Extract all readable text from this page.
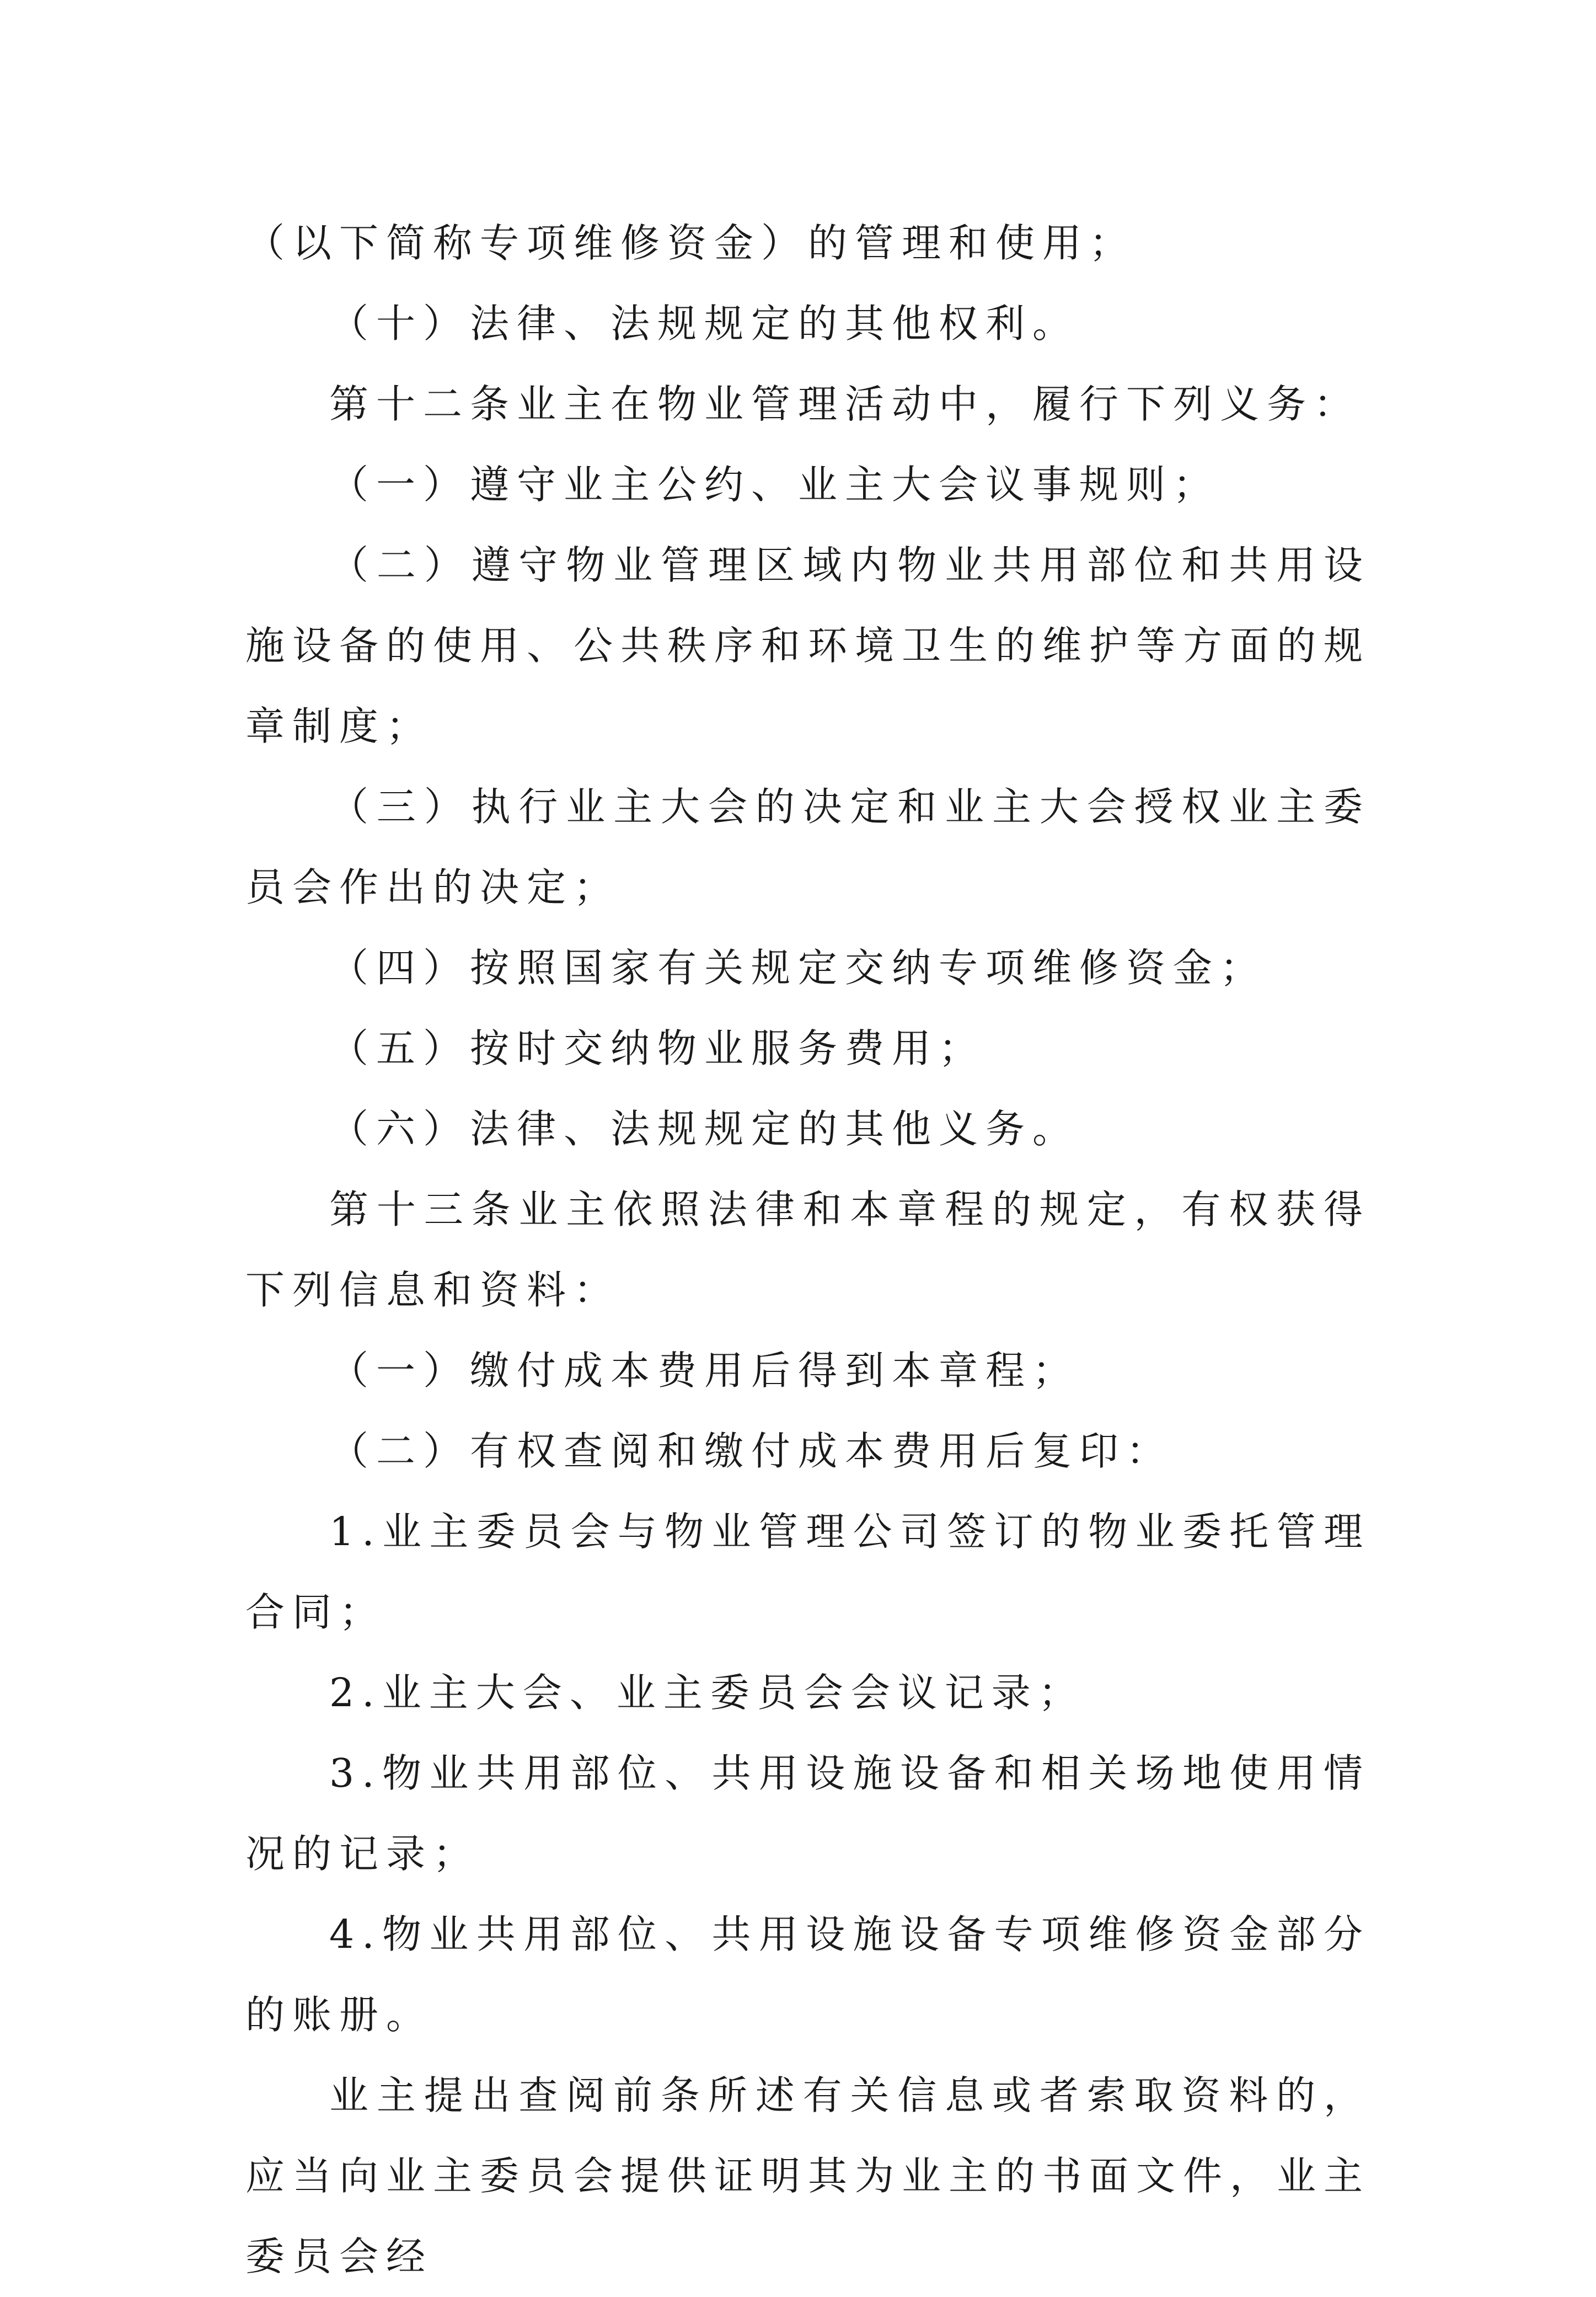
（以下简称专项维修资金）的管理和使用；

（十）法律、法规规定的其他权利。

第十二条业主在物业管理活动中，履行下列义务：

（一）遵守业主公约、业主大会议事规则；

（二）遵守物业管理区域内物业共用部位和共用设施设备的使用、公共秩序和环境卫生的维护等方面的规章制度；

（三）执行业主大会的决定和业主大会授权业主委员会作出的决定；

（四）按照国家有关规定交纳专项维修资金；

（五）按时交纳物业服务费用；

（六）法律、法规规定的其他义务。

第十三条业主依照法律和本章程的规定，有权获得下列信息和资料：

（一）缴付成本费用后得到本章程；

（二）有权查阅和缴付成本费用后复印：

1.业主委员会与物业管理公司签订的物业委托管理合同；

2.业主大会、业主委员会会议记录；

3.物业共用部位、共用设施设备和相关场地使用情况的记录；

4.物业共用部位、共用设施设备专项维修资金部分的账册。

业主提出查阅前条所述有关信息或者索取资料的，应当向业主委员会提供证明其为业主的书面文件，业主委员会经
